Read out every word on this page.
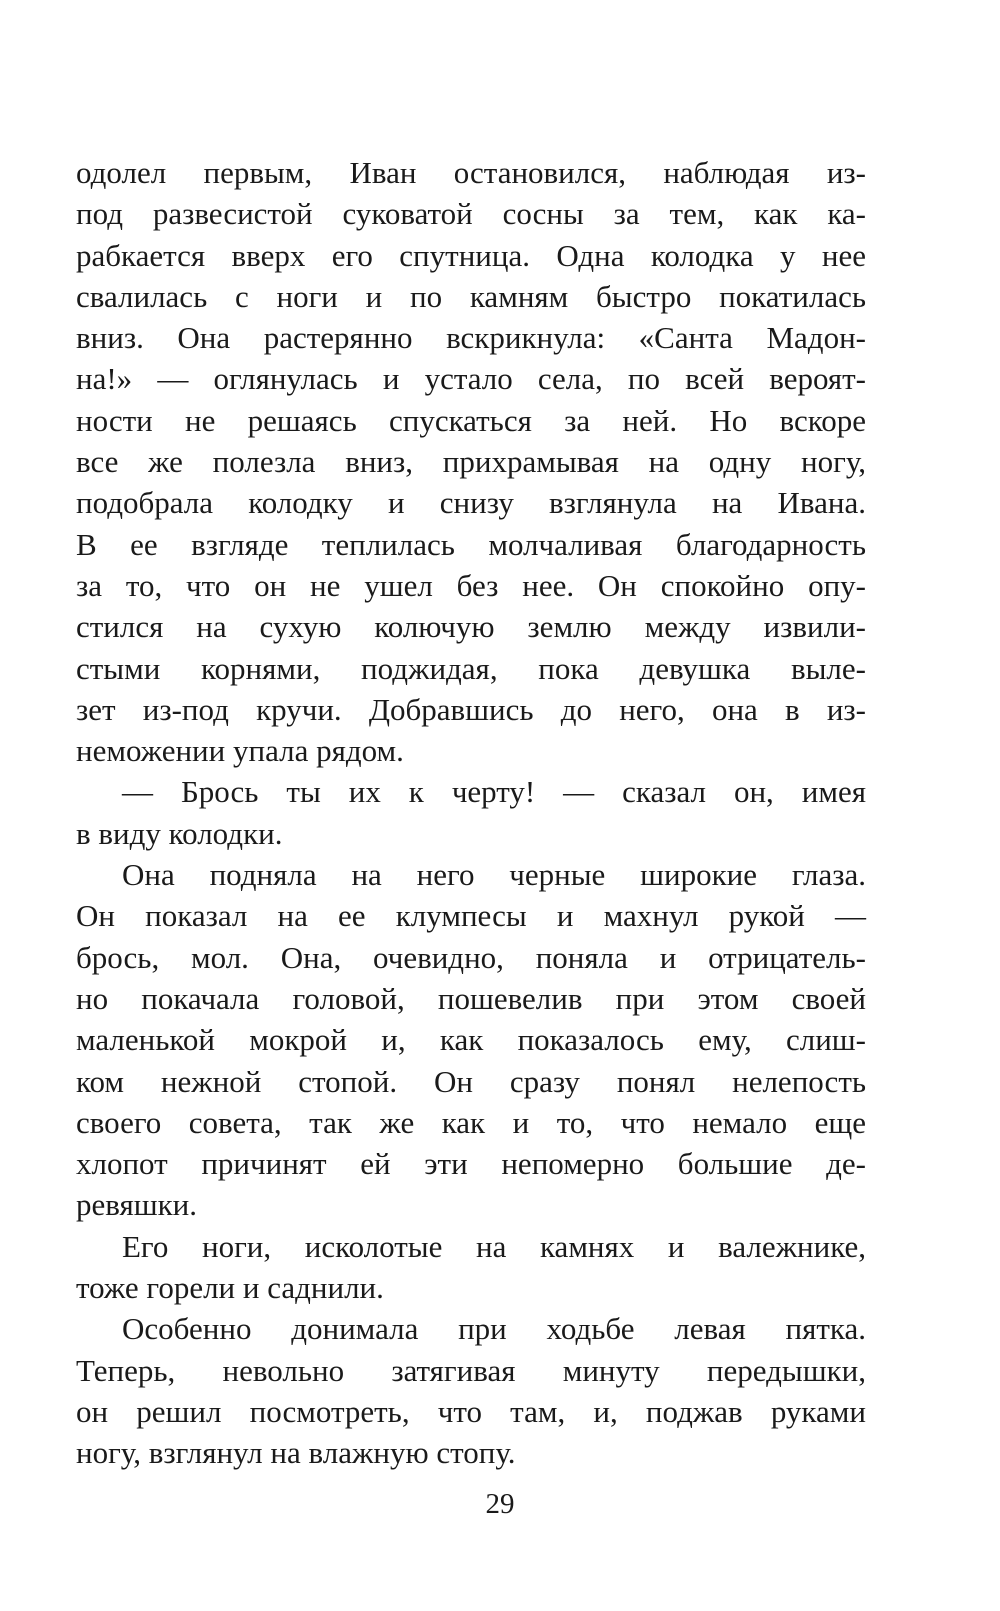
одолел первым, Иван остановился, наблюдая из-
под развесистой суковатой сосны за тем, как ка-
рабкается вверх его спутница. Одна колодка у нее
свалилась с ноги и по камням быстро покатилась
вниз. Она растерянно вскрикнула: «Санта Мадон-
на!» — оглянулась и устало села, по всей вероят-
ности не решаясь спускаться за ней. Но вскоре
все же полезла вниз, прихрамывая на одну ногу,
подобрала колодку и снизу взглянула на Ивана.
В ее взгляде теплилась молчаливая благодарность
за то, что он не ушел без нее. Он спокойно опу-
стился на сухую колючую землю между извили-
стыми корнями, поджидая, пока девушка выле-
зет из-под кручи. Добравшись до него, она в из-
неможении упала рядом.
— Брось ты их к черту! — сказал он, имея
в виду колодки.
Она подняла на него черные широкие глаза.
Он показал на ее клумпесы и махнул рукой —
брось, мол. Она, очевидно, поняла и отрицатель-
но покачала головой, пошевелив при этом своей
маленькой мокрой и, как показалось ему, слиш-
ком нежной стопой. Он сразу понял нелепость
своего совета, так же как и то, что немало еще
хлопот причинят ей эти непомерно большие де-
ревяшки.
Его ноги, исколотые на камнях и валежнике,
тоже горели и саднили.
Особенно донимала при ходьбе левая пятка.
Теперь, невольно затягивая минуту передышки,
он решил посмотреть, что там, и, поджав руками
ногу, взглянул на влажную стопу.
29
